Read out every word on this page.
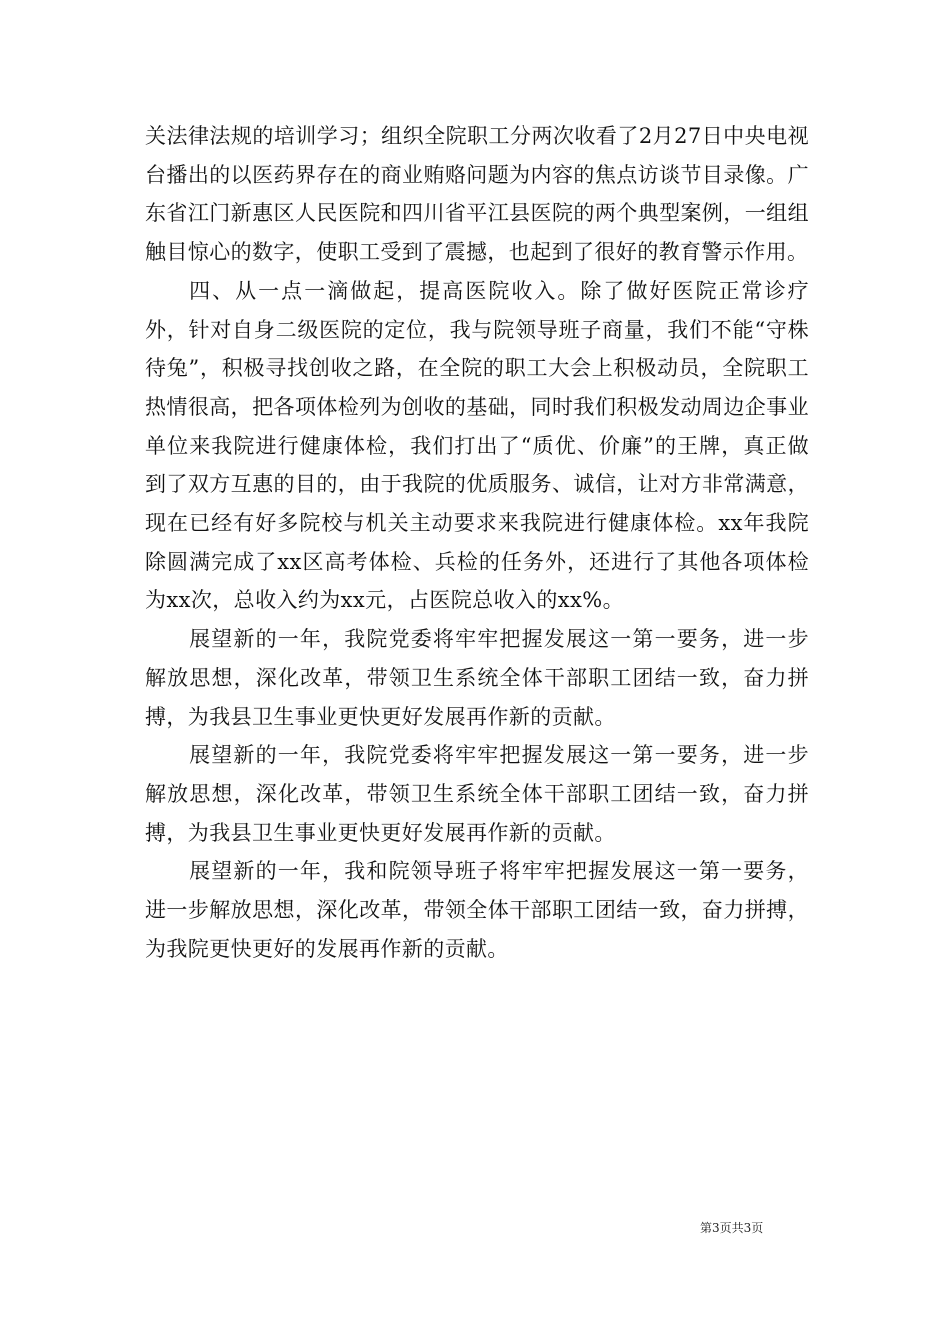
关法律法规的培训学习；组织全院职工分两次收看了2月27日中央电视台播出的以医药界存在的商业贿赂问题为内容的焦点访谈节目录像。广东省江门新惠区人民医院和四川省平江县医院的两个典型案例，一组组触目惊心的数字，使职工受到了震撼，也起到了很好的教育警示作用。

四、从一点一滴做起，提高医院收入。除了做好医院正常诊疗外，针对自身二级医院的定位，我与院领导班子商量，我们不能“守株待兔”，积极寻找创收之路，在全院的职工大会上积极动员，全院职工热情很高，把各项体检列为创收的基础，同时我们积极发动周边企事业单位来我院进行健康体检，我们打出了“质优、价廉”的王牌，真正做到了双方互惠的目的，由于我院的优质服务、诚信，让对方非常满意，现在已经有好多院校与机关主动要求来我院进行健康体检。xx年我院除圆满完成了xx区高考体检、兵检的任务外，还进行了其他各项体检为xx次，总收入约为xx元，占医院总收入的xx%。

展望新的一年，我院党委将牢牢把握发展这一第一要务，进一步解放思想，深化改革，带领卫生系统全体干部职工团结一致，奋力拼搏，为我县卫生事业更快更好发展再作新的贡献。

展望新的一年，我院党委将牢牢把握发展这一第一要务，进一步解放思想，深化改革，带领卫生系统全体干部职工团结一致，奋力拼搏，为我县卫生事业更快更好发展再作新的贡献。

展望新的一年，我和院领导班子将牢牢把握发展这一第一要务，进一步解放思想，深化改革，带领全体干部职工团结一致，奋力拼搏，为我院更快更好的发展再作新的贡献。

第3页共3页
